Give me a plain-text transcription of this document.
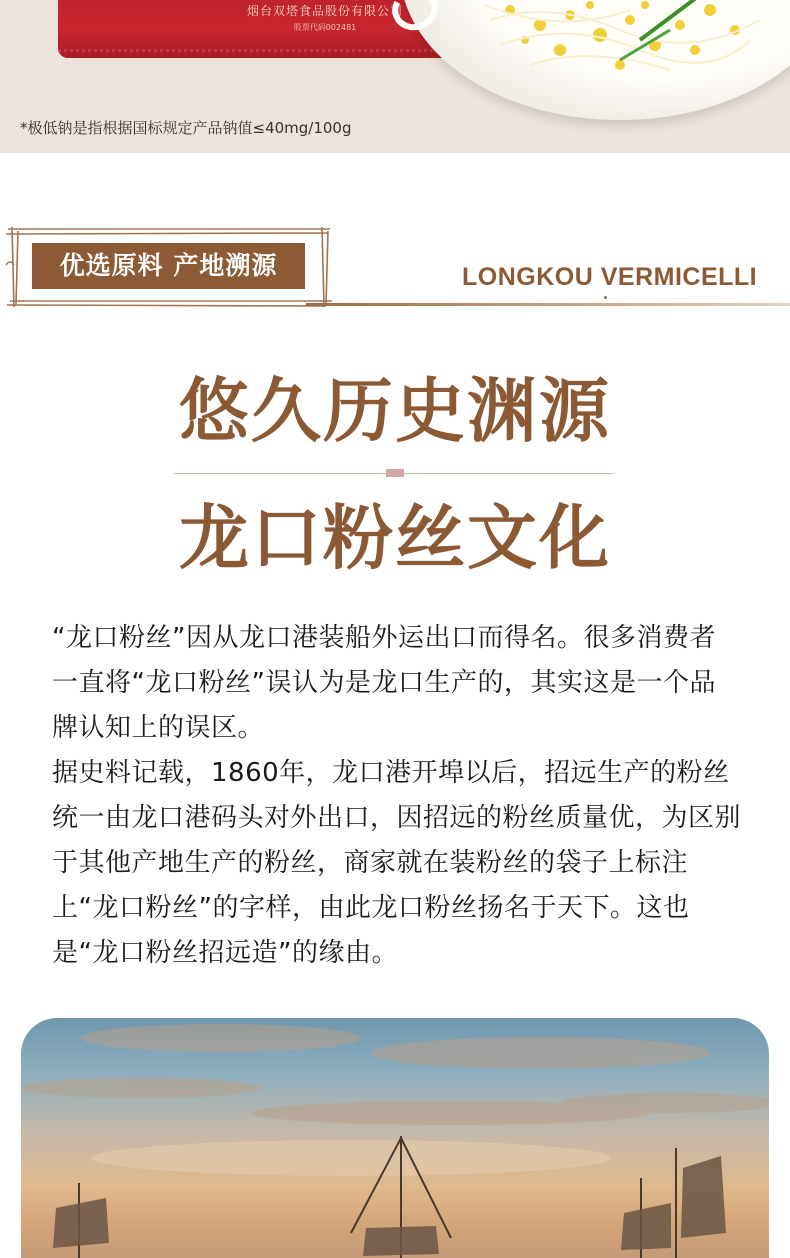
烟台双塔食品股份有限公司
股票代码002481
*极低钠是指根据国标规定产品钠值≤40mg/100g
优选原料 产地溯源	LONGKOU VERMICELLI
悠久历史渊源
龙口粉丝文化

“龙口粉丝”因从龙口港装船外运出口而得名。很多消费者一直将“龙口粉丝”误认为是龙口生产的，其实这是一个品牌认知上的误区。

据史料记载，1860年，龙口港开埠以后，招远生产的粉丝统一由龙口港码头对外出口，因招远的粉丝质量优，为区别于其他产地生产的粉丝，商家就在装粉丝的袋子上标注上“龙口粉丝”的字样，由此龙口粉丝扬名于天下。这也是“龙口粉丝招远造”的缘由。
